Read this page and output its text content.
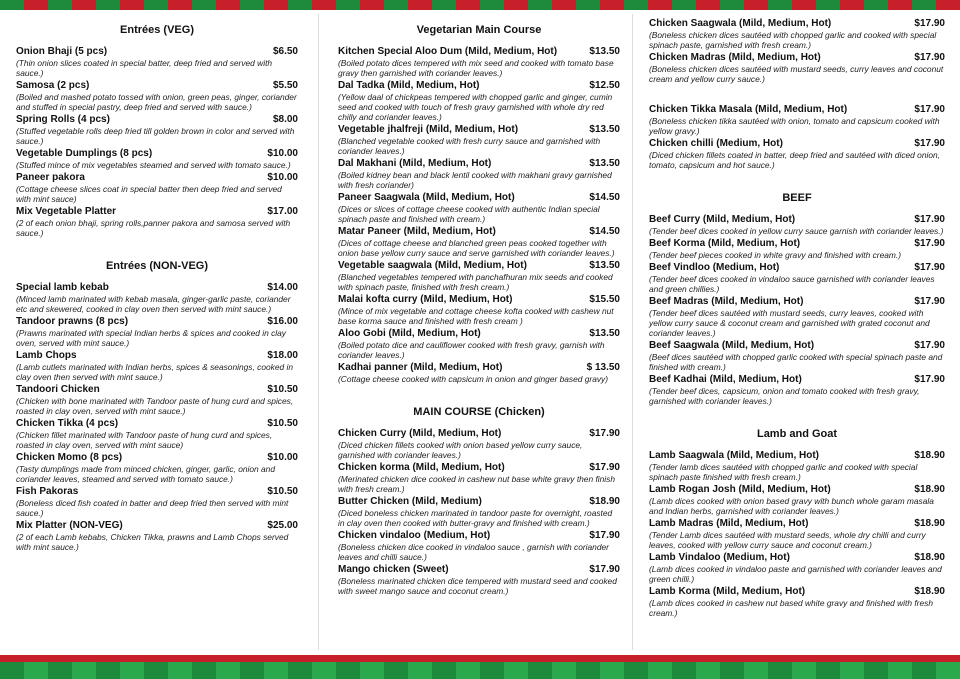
Entrées (VEG)
Onion Bhaji (5 pcs)	$6.50
(Thin onion slices coated in special batter, deep fried and served with sauce.)
Samosa (2 pcs)	$5.50
(Boiled and mashed potato tossed with onion, green peas, ginger, coriander and stuffed in special pastry, deep fried and served with sauce.)
Spring Rolls (4 pcs)	$8.00
(Stuffed vegetable rolls deep fried till golden brown in color and served with sauce.)
Vegetable Dumplings (8 pcs)	$10.00
(Stuffed mince of mix vegetables steamed and served with tomato sauce.)
Paneer pakora	$10.00
(Cottage cheese slices coat in special batter then deep fried and served with mint sauce)
Mix Vegetable Platter	$17.00
(2 of each onion bhaji, spring rolls,panner pakora and samosa served with sauce.)
Entrées (NON-VEG)
Special lamb kebab	$14.00
(Minced lamb marinated with kebab masala, ginger-garlic paste, coriander etc and skewered, cooked in clay oven then served with mint sauce.)
Tandoor prawns (8 pcs)	$16.00
(Prawns marinated with special Indian herbs & spices and cooked in clay oven, served with mint sauce.)
Lamb Chops	$18.00
(Lamb cutlets marinated with Indian herbs, spices & seasonings, cooked in clay oven then served with mint sauce.)
Tandoori Chicken	$10.50
(Chicken with bone marinated with Tandoor paste of hung curd and spices, roasted in clay oven, served with mint sauce.)
Chicken Tikka (4 pcs)	$10.50
(Chicken fillet marinated with Tandoor paste of hung curd and spices, roasted in clay oven, served with mint sauce)
Chicken Momo (8 pcs)	$10.00
(Tasty dumplings made from minced chicken, ginger, garlic, onion and coriander leaves, steamed and served with tomato sauce.)
Fish Pakoras	$10.50
(Boneless diced fish coated in batter and deep fried then served with mint sauce.)
Mix Platter (NON-VEG)	$25.00
(2 of each Lamb kebabs, Chicken Tikka, prawns and Lamb Chops served with mint sauce.)
Vegetarian Main Course
Kitchen Special Aloo Dum (Mild, Medium, Hot)	$13.50
(Boiled potato dices tempered with mix seed and cooked with tomato base gravy then garnished with coriander leaves.)
Dal Tadka (Mild, Medium, Hot)	$12.50
(Yellow daal of chickpeas tempered with chopped garlic and ginger, cumin seed and cooked with touch of fresh gravy garnished with whole dry red chilly and coriander leaves.)
Vegetable jhalfreji (Mild, Medium, Hot)	$13.50
(Blanched vegetable cooked with fresh curry sauce and garnished with coriander leaves.)
Dal Makhani (Mild, Medium, Hot)	$13.50
(Boiled kidney bean and black lentil cooked with makhani gravy garnished with fresh coriander)
Paneer Saagwala (Mild, Medium, Hot)	$14.50
(Dices or slices of cottage cheese cooked with authentic Indian special spinach paste and finished with cream.)
Matar Paneer (Mild, Medium, Hot)	$14.50
(Dices of cottage cheese and blanched green peas cooked together with onion base yellow curry sauce and serve garnished with coriander leaves.)
Vegetable saagwala (Mild, Medium, Hot)	$13.50
(Blanched vegetables tempered with panchafhuran mix seeds and cooked with spinach paste, finished with fresh cream.)
Malai kofta curry (Mild, Medium, Hot)	$15.50
(Mince of mix vegetable and cottage cheese kofta cooked with cashew nut base korma sauce and finished with fresh cream )
Aloo Gobi (Mild, Medium, Hot)	$13.50
(Boiled potato dice and cauliflower cooked with fresh gravy, garnish with coriander leaves.)
Kadhai panner (Mild, Medium, Hot)	$ 13.50
(Cottage cheese cooked with capsicum in onion and ginger based gravy)
MAIN COURSE (Chicken)
Chicken Curry (Mild, Medium, Hot)	$17.90
(Diced chicken fillets cooked with onion based yellow curry sauce, garnished with coriander leaves.)
Chicken korma (Mild, Medium, Hot)	$17.90
(Merinated chicken dice cooked in cashew nut base white gravy then finish with fresh cream.)
Butter Chicken (Mild, Medium)	$18.90
(Diced boneless chicken marinated in tandoor paste for overnight, roasted in clay oven then cooked with butter-gravy and finished with cream.)
Chicken vindaloo (Medium, Hot)	$17.90
(Boneless chicken dice cooked in vindaloo sauce , garnish with coriander leaves and chilli sauce.)
Mango chicken (Sweet)	$17.90
(Boneless marinated chicken dice tempered with mustard seed and cooked with sweet mango sauce and coconut cream.)
Chicken Saagwala (Mild, Medium, Hot)	$17.90
(Boneless chicken dices sautéed with chopped garlic and cooked with special spinach paste, garnished with fresh cream.)
Chicken Madras (Mild, Medium, Hot)	$17.90
(Boneless chicken dices sautéed with mustard seeds, curry leaves and coconut cream and yellow curry sauce.)
Chicken Tikka Masala (Mild, Medium, Hot)	$17.90
(Boneless chicken tikka sautéed with onion, tomato and capsicum cooked with yellow gravy.)
Chicken chilli (Medium, Hot)	$17.90
(Diced chicken fillets coated in batter, deep fried and sautéed with diced onion, tomato, capsicum and hot sauce.)
BEEF
Beef Curry (Mild, Medium, Hot)	$17.90
(Tender beef dices cooked in yellow curry sauce garnish with coriander leaves.)
Beef Korma (Mild, Medium, Hot)	$17.90
(Tender beef pieces cooked in white gravy and finished with cream.)
Beef Vindloo (Medium, Hot)	$17.90
(Tender beef dices cooked in vindaloo sauce garnished with coriander leaves and green chillies.)
Beef Madras (Mild, Medium, Hot)	$17.90
(Tender beef dices sautéed with mustard seeds, curry leaves, cooked with yellow curry sauce & coconut cream and garnished with grated coconut and coriander leaves.)
Beef Saagwala (Mild, Medium, Hot)	$17.90
(Beef dices sautéed with chopped garlic cooked with special spinach paste and finished with cream.)
Beef Kadhai (Mild, Medium, Hot)	$17.90
(Tender beef dices, capsicum, onion and tomato cooked with fresh gravy, garnished with coriander leaves.)
Lamb and Goat
Lamb Saagwala (Mild, Medium, Hot)	$18.90
(Tender lamb dices sautéed with chopped garlic and cooked with special spinach paste finished with fresh cream.)
Lamb Rogan Josh (Mild, Medium, Hot)	$18.90
(Lamb dices cooked with onion based gravy with bunch whole garam masala and Indian herbs, garnished with coriander leaves.)
Lamb Madras (Mild, Medium, Hot)	$18.90
(Tender Lamb dices sautéed with mustard seeds, whole dry chilli and curry leaves, cooked with yellow curry sauce and coconut cream.)
Lamb Vindaloo (Medium, Hot)	$18.90
(Lamb dices cooked in vindaloo paste and garnished with coriander leaves and green chilli.)
Lamb Korma (Mild, Medium, Hot)	$18.90
(Lamb dices cooked in cashew nut based white gravy and finished with fresh cream.)
